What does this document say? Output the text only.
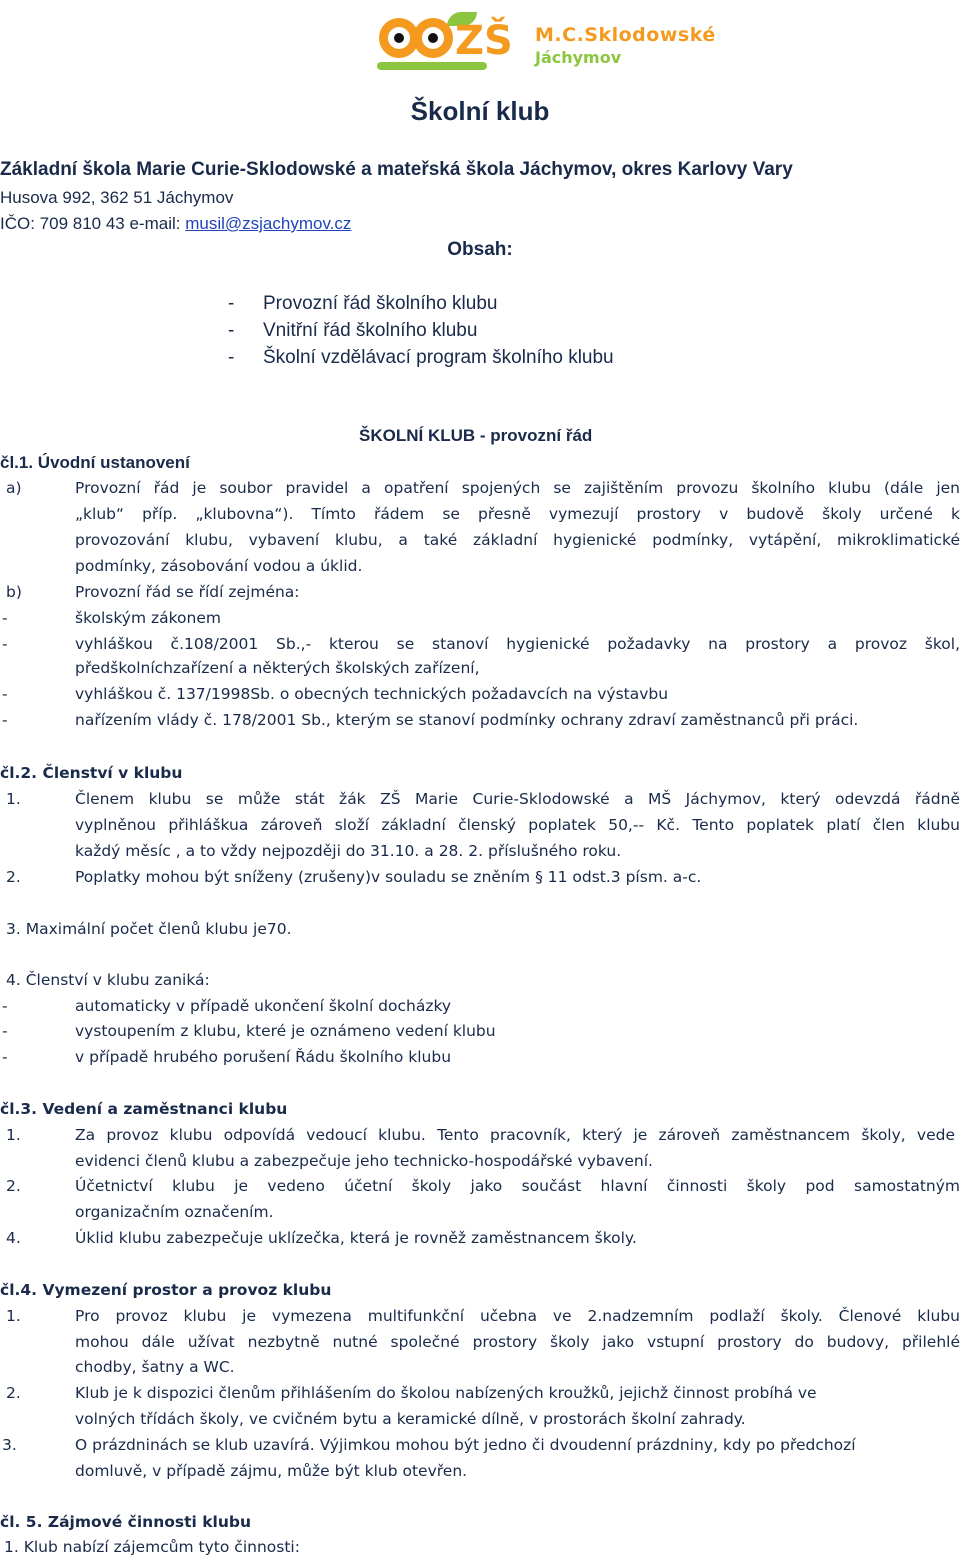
ZŠ M.C.Sklodowské
Jáchymov
Školní klub
Základní škola Marie Curie-Sklodowské a mateřská škola Jáchymov, okres Karlovy Vary
Husova 992, 362 51 Jáchymov
IČO: 709 810 43 e-mail: musil@zsjachymov.cz
Obsah:
- Provozní řád školního klubu
- Vnitřní řád školního klubu
- Školní vzdělávací program školního klubu
ŠKOLNÍ KLUB - provozní řád
čl.1. Úvodní ustanovení
a)	Provozní řád je soubor pravidel a opatření spojených se zajištěním provozu školního klubu (dále jen
„klub“ příp. „klubovna“). Tímto řádem se přesně vymezují prostory v budově školy určené k
provozování klubu, vybavení klubu, a také základní hygienické podmínky, vytápění, mikroklimatické
podmínky, zásobování vodou a úklid.
b)	Provozní řád se řídí zejména:
-	školským zákonem
-	vyhláškou č.108/2001 Sb.,- kterou se stanoví hygienické požadavky na prostory a provoz škol,
předškolníchzařízení a některých školských zařízení,
-	vyhláškou č. 137/1998Sb. o obecných technických požadavcích na výstavbu
-	nařízením vlády č. 178/2001 Sb., kterým se stanoví podmínky ochrany zdraví zaměstnanců při práci.
čl.2. Členství v klubu
1.	Členem klubu se může stát žák ZŠ Marie Curie-Sklodowské a MŠ Jáchymov, který odevzdá řádně
vyplněnou přihláškua zároveň složí základní členský poplatek 50,-- Kč. Tento poplatek platí člen klubu
každý měsíc , a to vždy nejpozději do 31.10. a 28. 2. příslušného roku.
2.	Poplatky mohou být sníženy (zrušeny)v souladu se zněním § 11 odst.3 písm. a-c.
3. Maximální počet členů klubu je70.
4. Členství v klubu zaniká:
-	automaticky v případě ukončení školní docházky
-	vystoupením z klubu, které je oznámeno vedení klubu
-	v případě hrubého porušení Řádu školního klubu
čl.3. Vedení a zaměstnanci klubu
1.	Za provoz klubu odpovídá vedoucí klubu. Tento pracovník, který je zároveň zaměstnancem školy, vede
evidenci členů klubu a zabezpečuje jeho technicko-hospodářské vybavení.
2.	Účetnictví klubu je vedeno účetní školy jako součást hlavní činnosti školy pod samostatným
organizačním označením.
4.	Úklid klubu zabezpečuje uklízečka, která je rovněž zaměstnancem školy.
čl.4. Vymezení prostor a provoz klubu
1.	Pro provoz klubu je vymezena multifunkční učebna ve 2.nadzemním podlaží školy. Členové klubu
mohou dále užívat nezbytně nutné společné prostory školy jako vstupní prostory do budovy, přilehlé
chodby, šatny a WC.
2.	Klub je k dispozici členům přihlášením do školou nabízených kroužků, jejichž činnost probíhá ve
volných třídách školy, ve cvičném bytu a keramické dílně, v prostorách školní zahrady.
3.	O prázdninách se klub uzavírá. Výjimkou mohou být jedno či dvoudenní prázdniny, kdy po předchozí
domluvě, v případě zájmu, může být klub otevřen.
čl. 5. Zájmové činnosti klubu
1. Klub nabízí zájemcům tyto činnosti:
